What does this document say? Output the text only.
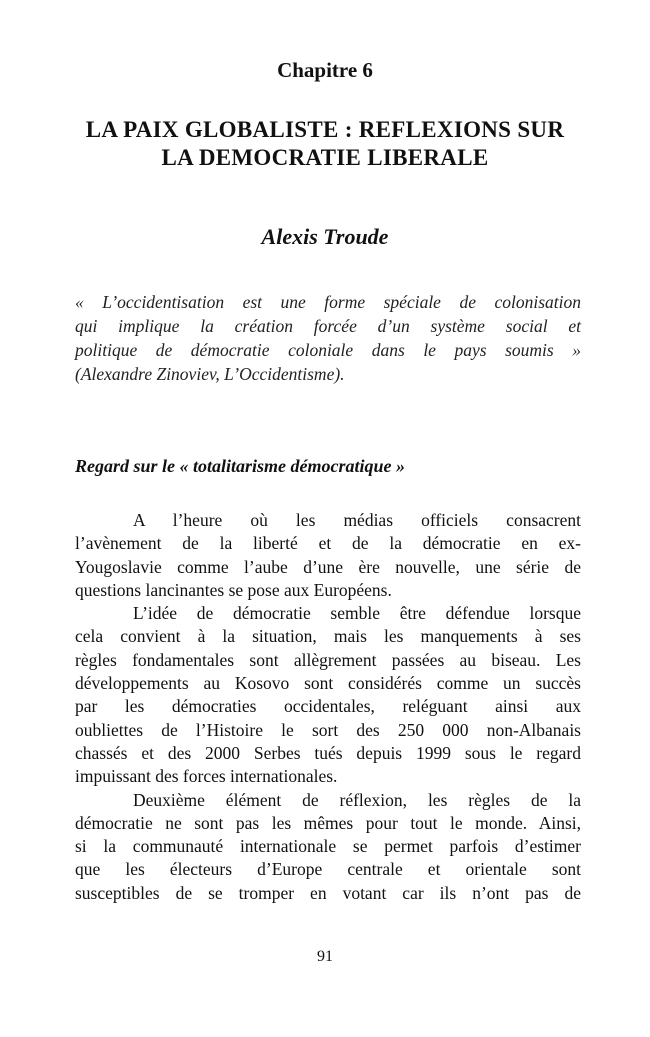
Chapitre 6
LA PAIX GLOBALISTE : REFLEXIONS SUR
LA DEMOCRATIE LIBERALE
Alexis Troude
« L’occidentisation est une forme spéciale de colonisation
qui implique la création forcée d’un système social et
politique de démocratie coloniale dans le pays soumis »
(Alexandre Zinoviev, L’Occidentisme).
Regard sur le « totalitarisme démocratique »
A l’heure où les médias officiels consacrent
l’avènement de la liberté et de la démocratie en ex-
Yougoslavie comme l’aube d’une ère nouvelle, une série de
questions lancinantes se pose aux Européens.
L’idée de démocratie semble être défendue lorsque
cela convient à la situation, mais les manquements à ses
règles fondamentales sont allègrement passées au biseau. Les
développements au Kosovo sont considérés comme un succès
par les démocraties occidentales, reléguant ainsi aux
oubliettes de l’Histoire le sort des 250 000 non-Albanais
chassés et des 2000 Serbes tués depuis 1999 sous le regard
impuissant des forces internationales.
Deuxième élément de réflexion, les règles de la
démocratie ne sont pas les mêmes pour tout le monde. Ainsi,
si la communauté internationale se permet parfois d’estimer
que les électeurs d’Europe centrale et orientale sont
susceptibles de se tromper en votant car ils n’ont pas de
91
